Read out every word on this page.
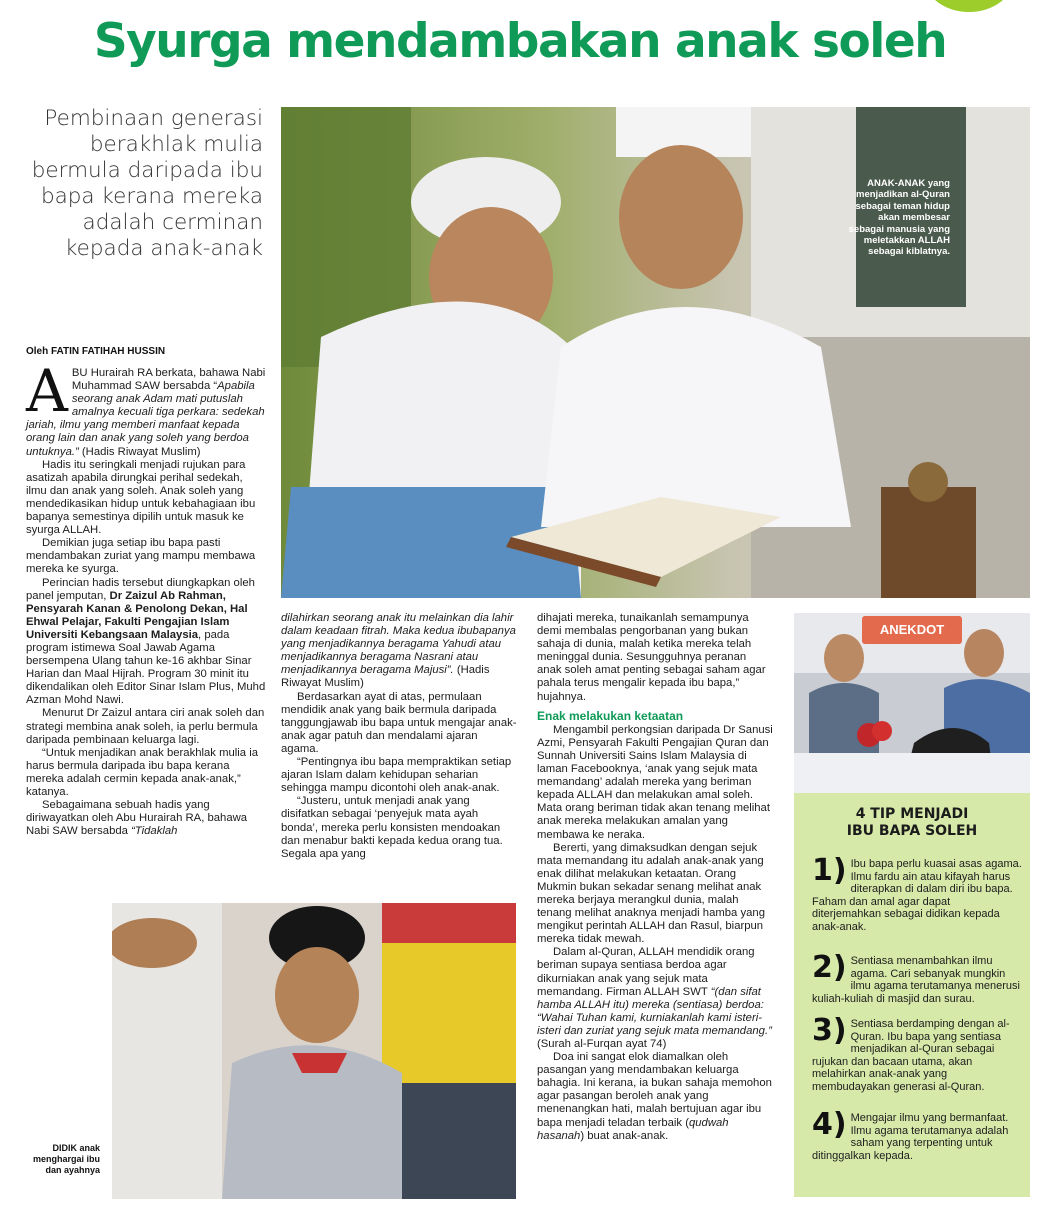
Syurga mendambakan anak soleh
Pembinaan generasi berakhlak mulia bermula daripada ibu bapa kerana mereka adalah cerminan kepada anak-anak
ANAK-ANAK yang menjadikan al-Quran sebagai teman hidup akan membesar sebagai manusia yang meletakkan ALLAH sebagai kiblatnya.
Oleh FATIN FATIHAH HUSSIN

ABU Hurairah RA berkata, bahawa Nabi Muhammad SAW bersabda “Apabila seorang anak Adam mati putuslah amalnya kecuali tiga perkara: sedekah jariah, ilmu yang memberi manfaat kepada orang lain dan anak yang soleh yang berdoa untuknya.” (Hadis Riwayat Muslim)

Hadis itu seringkali menjadi rujukan para asatizah apabila dirungkai perihal sedekah, ilmu dan anak yang soleh. Anak soleh yang mendedikasikan hidup untuk kebahagiaan ibu bapanya semestinya dipilih untuk masuk ke syurga ALLAH.

Demikian juga setiap ibu bapa pasti mendambakan zuriat yang mampu membawa mereka ke syurga.

Perincian hadis tersebut diungkapkan oleh panel jemputan, Dr Zaizul Ab Rahman, Pensyarah Kanan & Penolong Dekan, Hal Ehwal Pelajar, Fakulti Pengajian Islam Universiti Kebangsaan Malaysia, pada program istimewa Soal Jawab Agama bersempena Ulang tahun ke-16 akhbar Sinar Harian dan Maal Hijrah. Program 30 minit itu dikendalikan oleh Editor Sinar Islam Plus, Muhd Azman Mohd Nawi.

Menurut Dr Zaizul antara ciri anak soleh dan strategi membina anak soleh, ia perlu bermula daripada pembinaan keluarga lagi.

“Untuk menjadikan anak berakhlak mulia ia harus bermula daripada ibu bapa kerana mereka adalah cermin kepada anak-anak,” katanya.

Sebagaimana sebuah hadis yang diriwayatkan oleh Abu Hurairah RA, bahawa Nabi SAW bersabda “Tidaklah

dilahirkan seorang anak itu melainkan dia lahir dalam keadaan fitrah. Maka kedua ibubapanya yang menjadikannya beragama Yahudi atau menjadikannya beragama Nasrani atau menjadikannya beragama Majusi”. (Hadis Riwayat Muslim)

Berdasarkan ayat di atas, permulaan mendidik anak yang baik bermula daripada tanggungjawab ibu bapa untuk mengajar anak-anak agar patuh dan mendalami ajaran agama.

“Pentingnya ibu bapa mempraktikan setiap ajaran Islam dalam kehidupan seharian sehingga mampu dicontohi oleh anak-anak.

“Justeru, untuk menjadi anak yang disifatkan sebagai ‘penyejuk mata ayah bonda’, mereka perlu konsisten mendoakan dan menabur bakti kepada kedua orang tua. Segala apa yang

dihajati mereka, tunaikanlah semampunya demi membalas pengorbanan yang bukan sahaja di dunia, malah ketika mereka telah meninggal dunia. Sesungguhnya peranan anak soleh amat penting sebagai saham agar pahala terus mengalir kepada ibu bapa,” hujahnya.

Enak melakukan ketaatan

Mengambil perkongsian daripada Dr Sanusi Azmi, Pensyarah Fakulti Pengajian Quran dan Sunnah Universiti Sains Islam Malaysia di laman Facebooknya, ‘anak yang sejuk mata memandang’ adalah mereka yang beriman kepada ALLAH dan melakukan amal soleh. Mata orang beriman tidak akan tenang melihat anak mereka melakukan amalan yang membawa ke neraka.

Bererti, yang dimaksudkan dengan sejuk mata memandang itu adalah anak-anak yang enak dilihat melakukan ketaatan. Orang Mukmin bukan sekadar senang melihat anak mereka berjaya merangkul dunia, malah tenang melihat anaknya menjadi hamba yang mengikut perintah ALLAH dan Rasul, biarpun mereka tidak mewah.

Dalam al-Quran, ALLAH mendidik orang beriman supaya sentiasa berdoa agar dikurniakan anak yang sejuk mata memandang. Firman ALLAH SWT “(dan sifat hamba ALLAH itu) mereka (sentiasa) berdoa: “Wahai Tuhan kami, kurniakanlah kami isteri-isteri dan zuriat yang sejuk mata memandang.” (Surah al-Furqan ayat 74)

Doa ini sangat elok diamalkan oleh pasangan yang mendambakan keluarga bahagia. Ini kerana, ia bukan sahaja memohon agar pasangan beroleh anak yang menenangkan hati, malah bertujuan agar ibu bapa menjadi teladan terbaik (qudwah hasanah) buat anak-anak.

DIDIK anak menghargai ibu dan ayahnya
ANEKDOT
4 TIP MENJADI
IBU BAPA SOLEH
1) Ibu bapa perlu kuasai asas agama. Ilmu fardu ain atau kifayah harus diterapkan di dalam diri ibu bapa. Faham dan amal agar dapat diterjemahkan sebagai didikan kepada anak-anak.
2) Sentiasa menambahkan ilmu agama. Cari sebanyak mungkin ilmu agama terutamanya menerusi kuliah-kuliah di masjid dan surau.
3) Sentiasa berdamping dengan al-Quran. Ibu bapa yang sentiasa menjadikan al-Quran sebagai rujukan dan bacaan utama, akan melahirkan anak-anak yang membudayakan generasi al-Quran.
4) Mengajar ilmu yang bermanfaat. Ilmu agama terutamanya adalah saham yang terpenting untuk ditinggalkan kepada.
